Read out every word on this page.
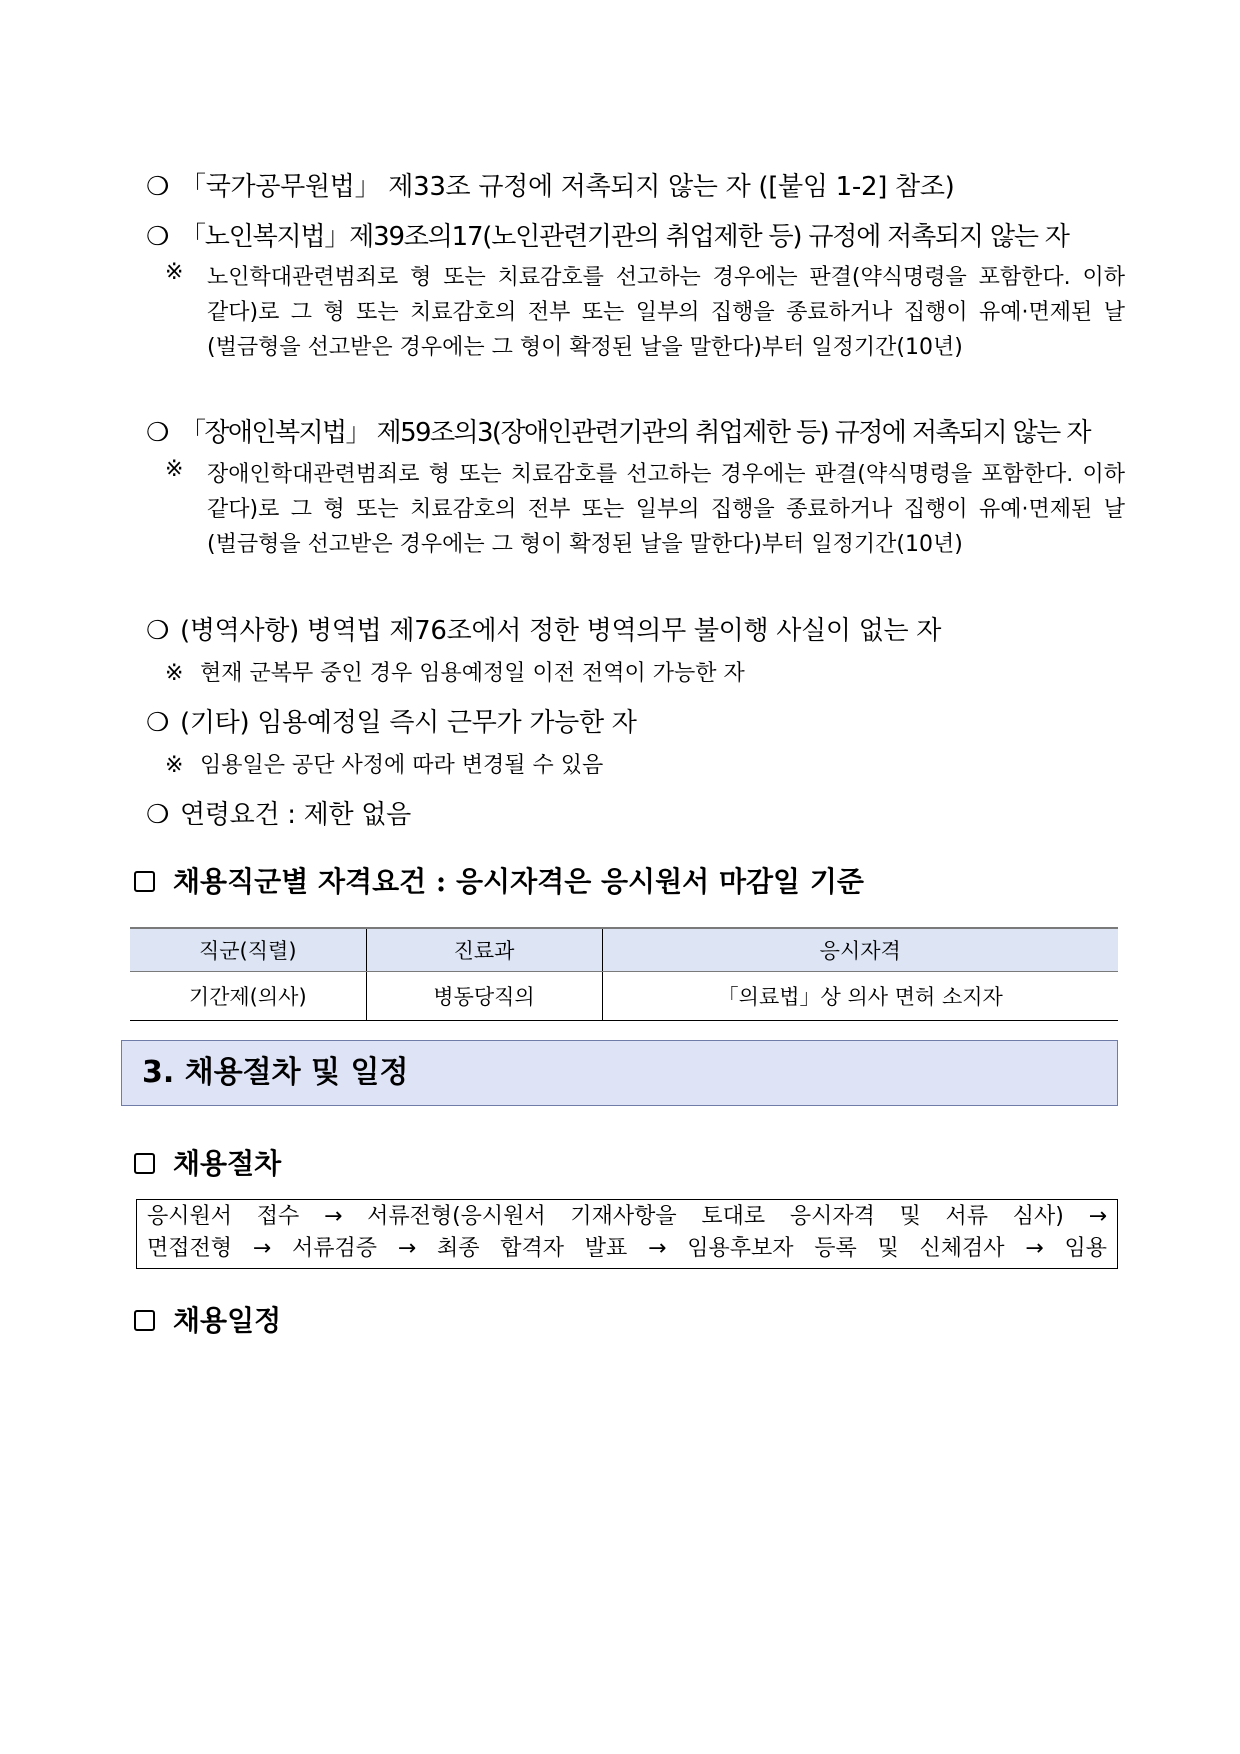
❍ 「국가공무원법」 제33조 규정에 저촉되지 않는 자 ([붙임 1-2] 참조)
❍ 「노인복지법」제39조의17(노인관련기관의 취업제한 등) 규정에 저촉되지 않는 자
※ 노인학대관련범죄로 형 또는 치료감호를 선고하는 경우에는 판결(약식명령을 포함한다. 이하 같다)로 그 형 또는 치료감호의 전부 또는 일부의 집행을 종료하거나 집행이 유예·면제된 날(벌금형을 선고받은 경우에는 그 형이 확정된 날을 말한다)부터 일정기간(10년)
❍ 「장애인복지법」 제59조의3(장애인관련기관의 취업제한 등) 규정에 저촉되지 않는 자
※ 장애인학대관련범죄로 형 또는 치료감호를 선고하는 경우에는 판결(약식명령을 포함한다. 이하 같다)로 그 형 또는 치료감호의 전부 또는 일부의 집행을 종료하거나 집행이 유예·면제된 날(벌금형을 선고받은 경우에는 그 형이 확정된 날을 말한다)부터 일정기간(10년)
❍ (병역사항) 병역법 제76조에서 정한 병역의무 불이행 사실이 없는 자
※ 현재 군복무 중인 경우 임용예정일 이전 전역이 가능한 자
❍ (기타) 임용예정일 즉시 근무가 가능한 자
※ 임용일은 공단 사정에 따라 변경될 수 있음
❍ 연령요건 : 제한 없음
채용직군별 자격요건 : 응시자격은 응시원서 마감일 기준
직군(직렬)	진료과	응시자격
기간제(의사)	병동당직의	「의료법」상 의사 면허 소지자
3. 채용절차 및 일정
채용절차
응시원서 접수 → 서류전형(응시원서 기재사항을 토대로 응시자격 및 서류 심사) →
면접전형 → 서류검증 → 최종 합격자 발표 → 임용후보자 등록 및 신체검사 → 임용
채용일정
